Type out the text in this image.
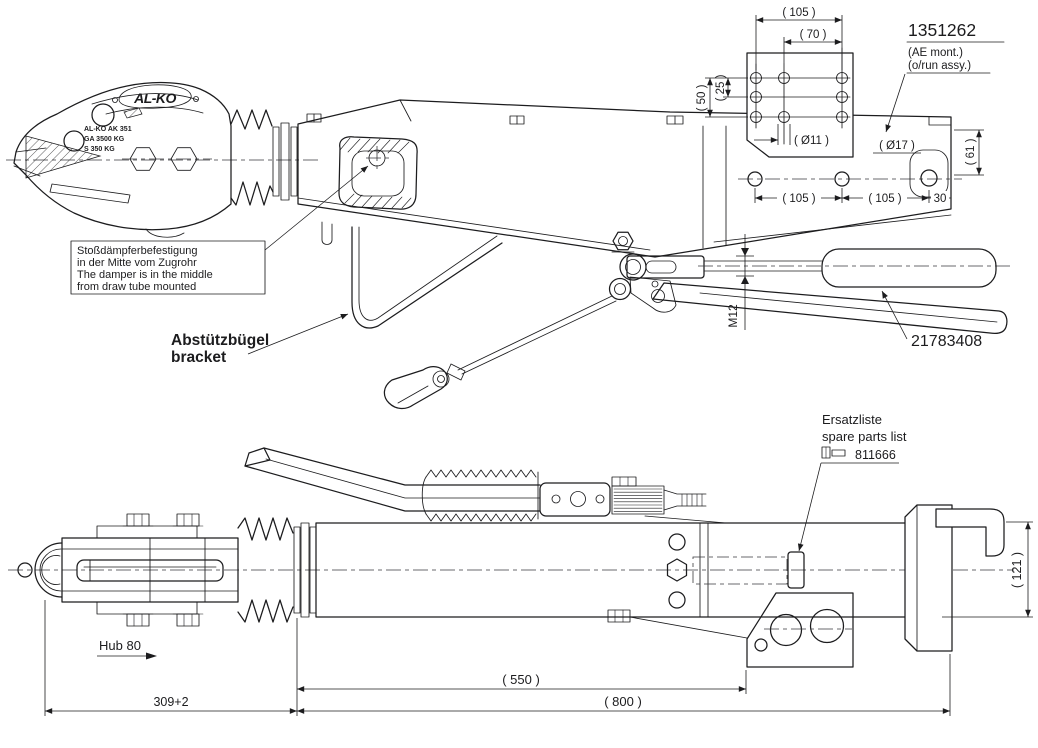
AL-KO
AL-KO AK 351
GA 3500 KG
S 350 KG
Stoßdämpferbefestigung
in der Mitte vom Zugrohr
The damper is in the middle
from draw tube mounted
Abstützbügel
bracket
M12
21783408
( 105 )
( 70 )
( 50 ) ( 25 )
( Ø11 )	( Ø17 )
( 105 )	( 105 )	30
( 61 )
1351262
(AE mont.)
(o/run assy.)
Ersatzliste
spare parts list
811666
Hub 80
( 550 )
309+2	( 800 )
( 121 )
